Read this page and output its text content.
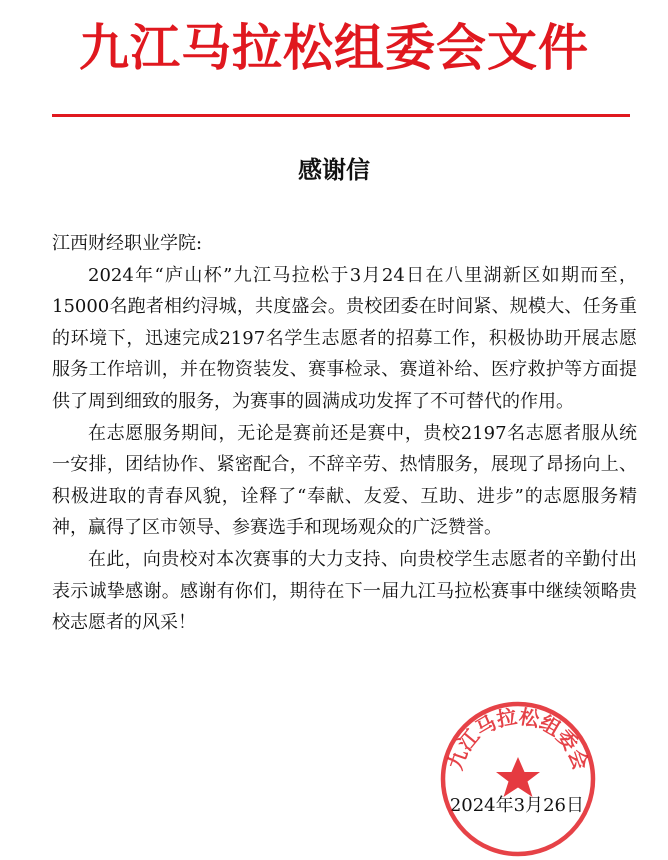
九江马拉松组委会文件
感谢信

江西财经职业学院:

2024年“庐山杯”九江马拉松于3月24日在八里湖新区如期而至，15000名跑者相约浔城，共度盛会。贵校团委在时间紧、规模大、任务重的环境下，迅速完成2197名学生志愿者的招募工作，积极协助开展志愿服务工作培训，并在物资装发、赛事检录、赛道补给、医疗救护等方面提供了周到细致的服务，为赛事的圆满成功发挥了不可替代的作用。

在志愿服务期间，无论是赛前还是赛中，贵校2197名志愿者服从统一安排，团结协作、紧密配合，不辞辛劳、热情服务，展现了昂扬向上、积极进取的青春风貌，诠释了“奉献、友爱、互助、进步”的志愿服务精神，赢得了区市领导、参赛选手和现场观众的广泛赞誉。

在此，向贵校对本次赛事的大力支持、向贵校学生志愿者的辛勤付出表示诚挚感谢。感谢有你们，期待在下一届九江马拉松赛事中继续领略贵校志愿者的风采！

2024年3月26日
九江马拉松组委会
